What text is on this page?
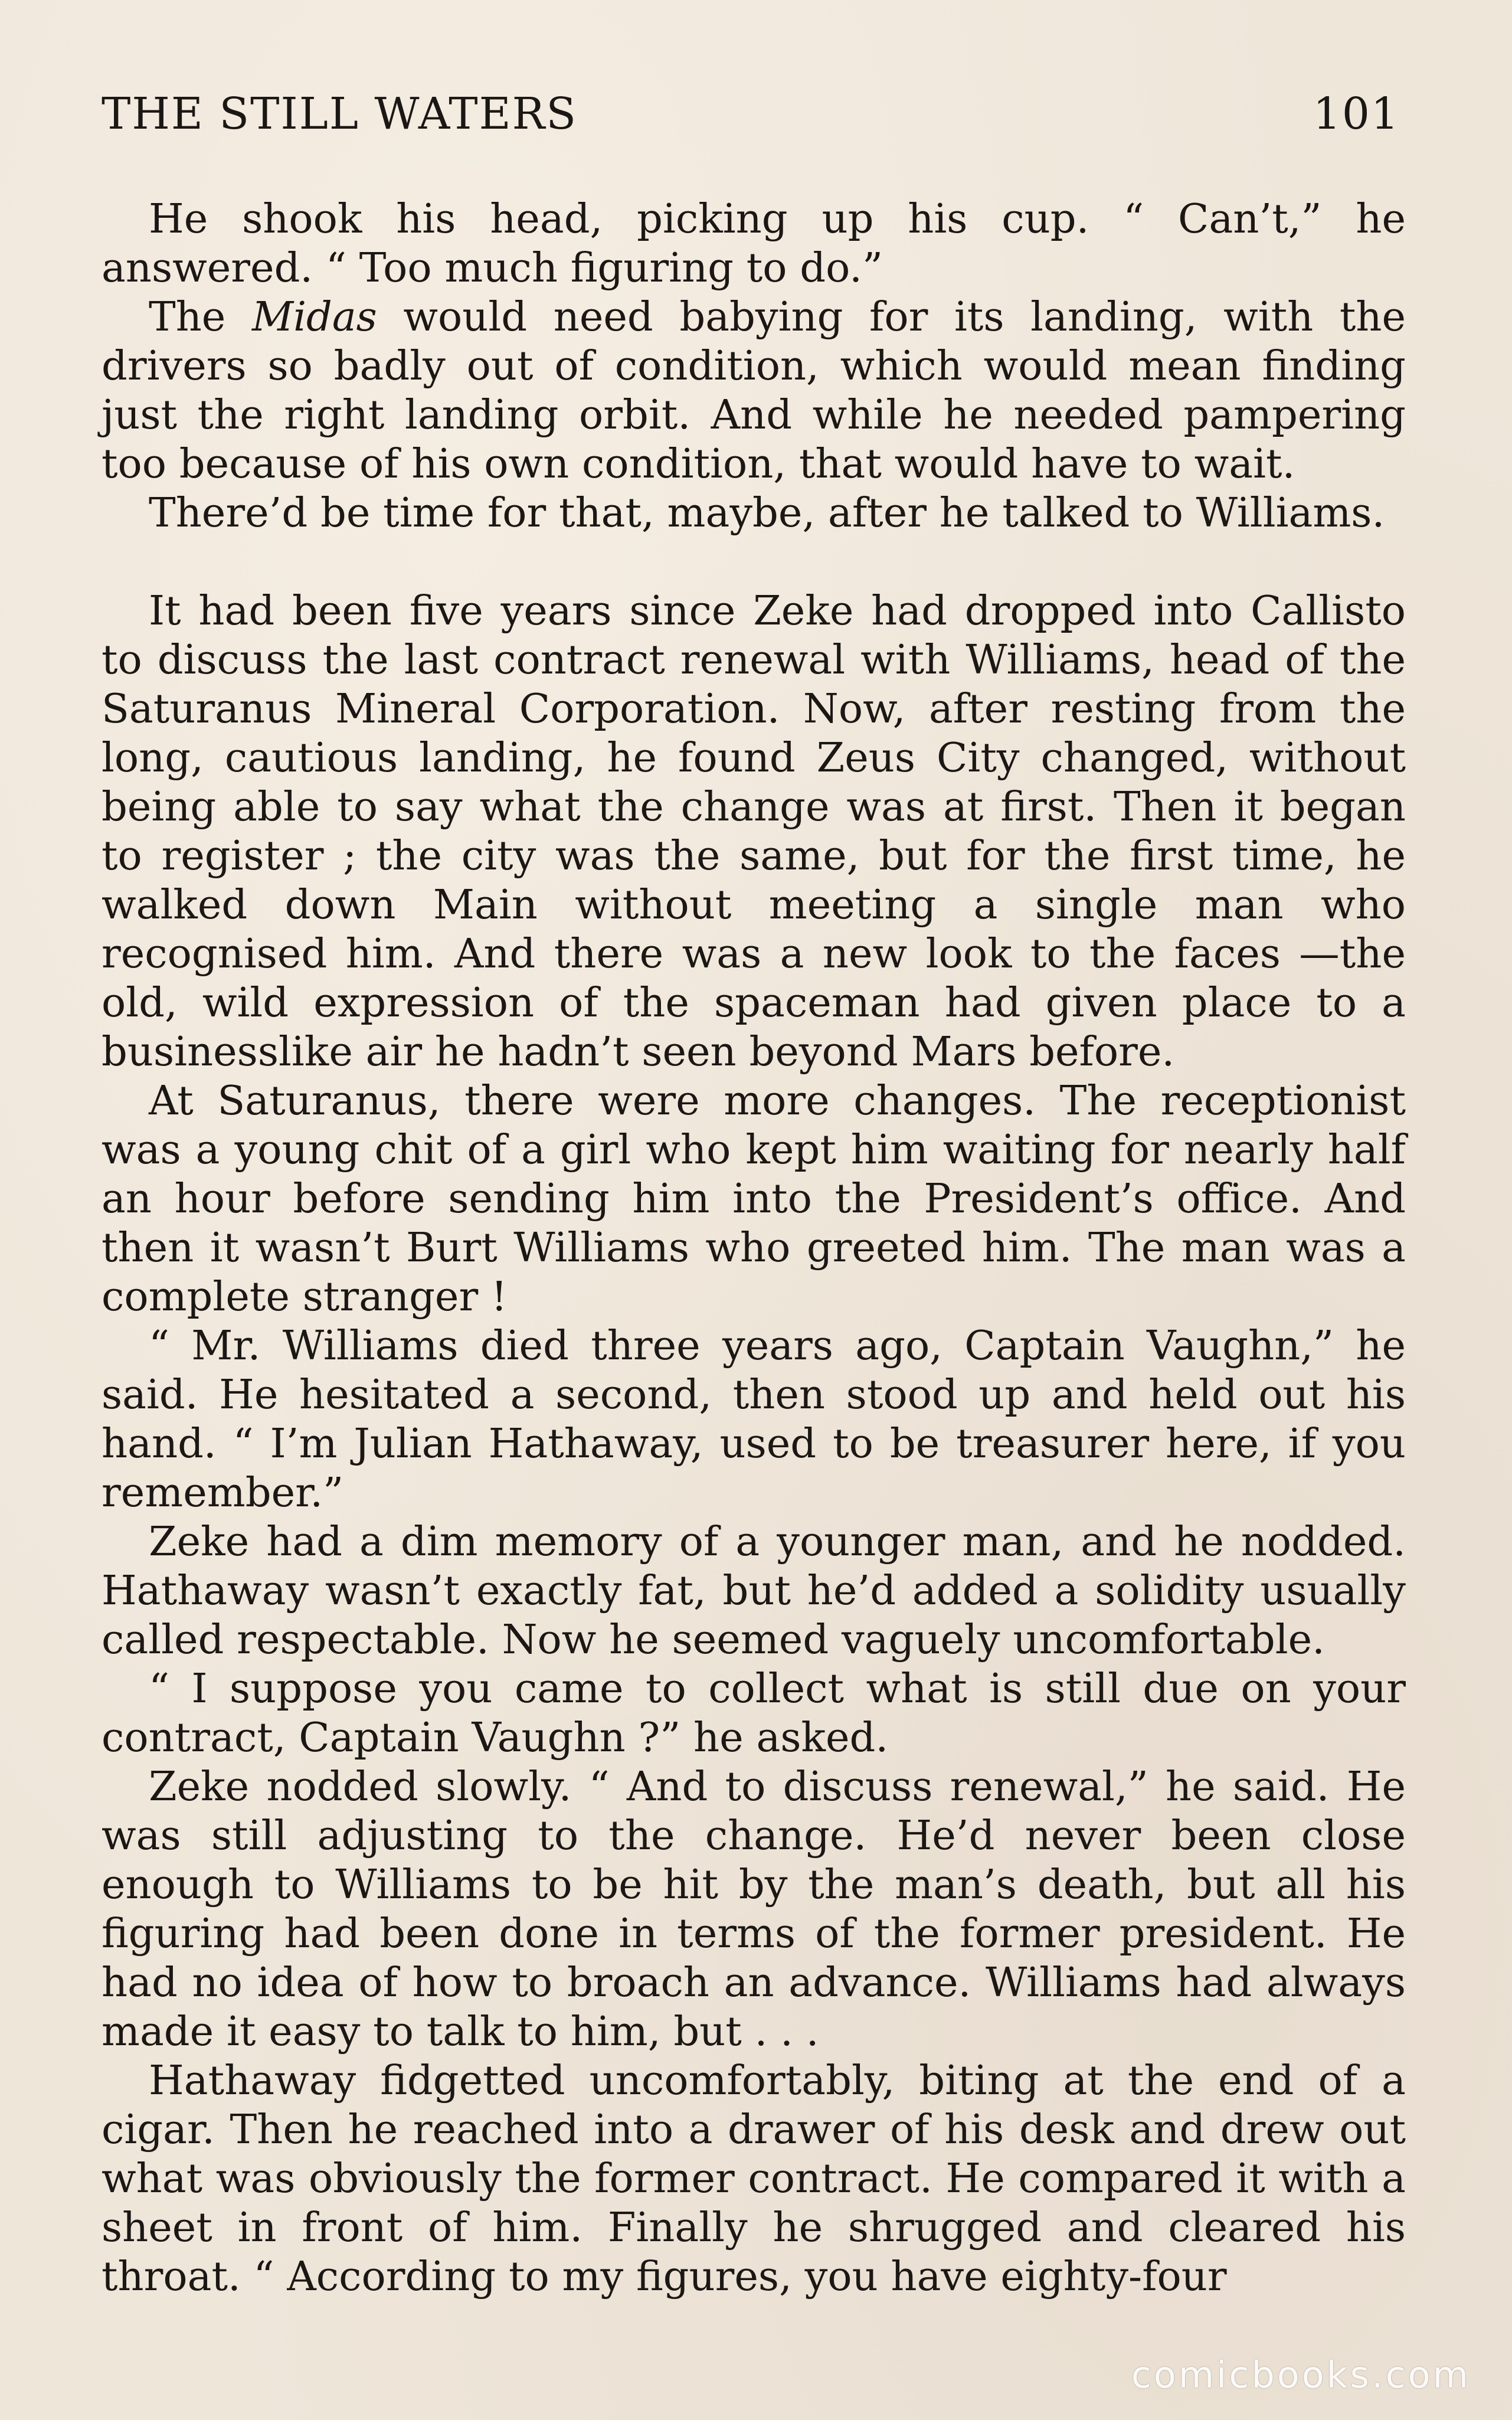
THE STILL WATERS	101

He shook his head, picking up his cup. “ Can’t,” he answered. “ Too much figuring to do.”

The Midas would need babying for its landing, with the drivers so badly out of condition, which would mean finding just the right landing orbit. And while he needed pampering too because of his own condition, that would have to wait.

There’d be time for that, maybe, after he talked to Williams.

It had been five years since Zeke had dropped into Callisto to discuss the last contract renewal with Williams, head of the Saturanus Mineral Corporation. Now, after resting from the long, cautious landing, he found Zeus City changed, without being able to say what the change was at first. Then it began to register ; the city was the same, but for the first time, he walked down Main without meeting a single man who recognised him. And there was a new look to the faces —the old, wild expression of the spaceman had given place to a businesslike air he hadn’t seen beyond Mars before.

At Saturanus, there were more changes. The receptionist was a young chit of a girl who kept him waiting for nearly half an hour before sending him into the President’s office. And then it wasn’t Burt Williams who greeted him. The man was a complete stranger !

“ Mr. Williams died three years ago, Captain Vaughn,” he said. He hesitated a second, then stood up and held out his hand. “ I’m Julian Hathaway, used to be treasurer here, if you remember.”

Zeke had a dim memory of a younger man, and he nodded. Hathaway wasn’t exactly fat, but he’d added a solidity usually called respectable. Now he seemed vaguely uncomfortable.

“ I suppose you came to collect what is still due on your contract, Captain Vaughn ?” he asked.

Zeke nodded slowly. “ And to discuss renewal,” he said. He was still adjusting to the change. He’d never been close enough to Williams to be hit by the man’s death, but all his figuring had been done in terms of the former president. He had no idea of how to broach an advance. Williams had always made it easy to talk to him, but . . .

Hathaway fidgetted uncomfortably, biting at the end of a cigar. Then he reached into a drawer of his desk and drew out what was obviously the former contract. He compared it with a sheet in front of him. Finally he shrugged and cleared his throat. “ According to my figures, you have eighty-four

comicbooks.com
